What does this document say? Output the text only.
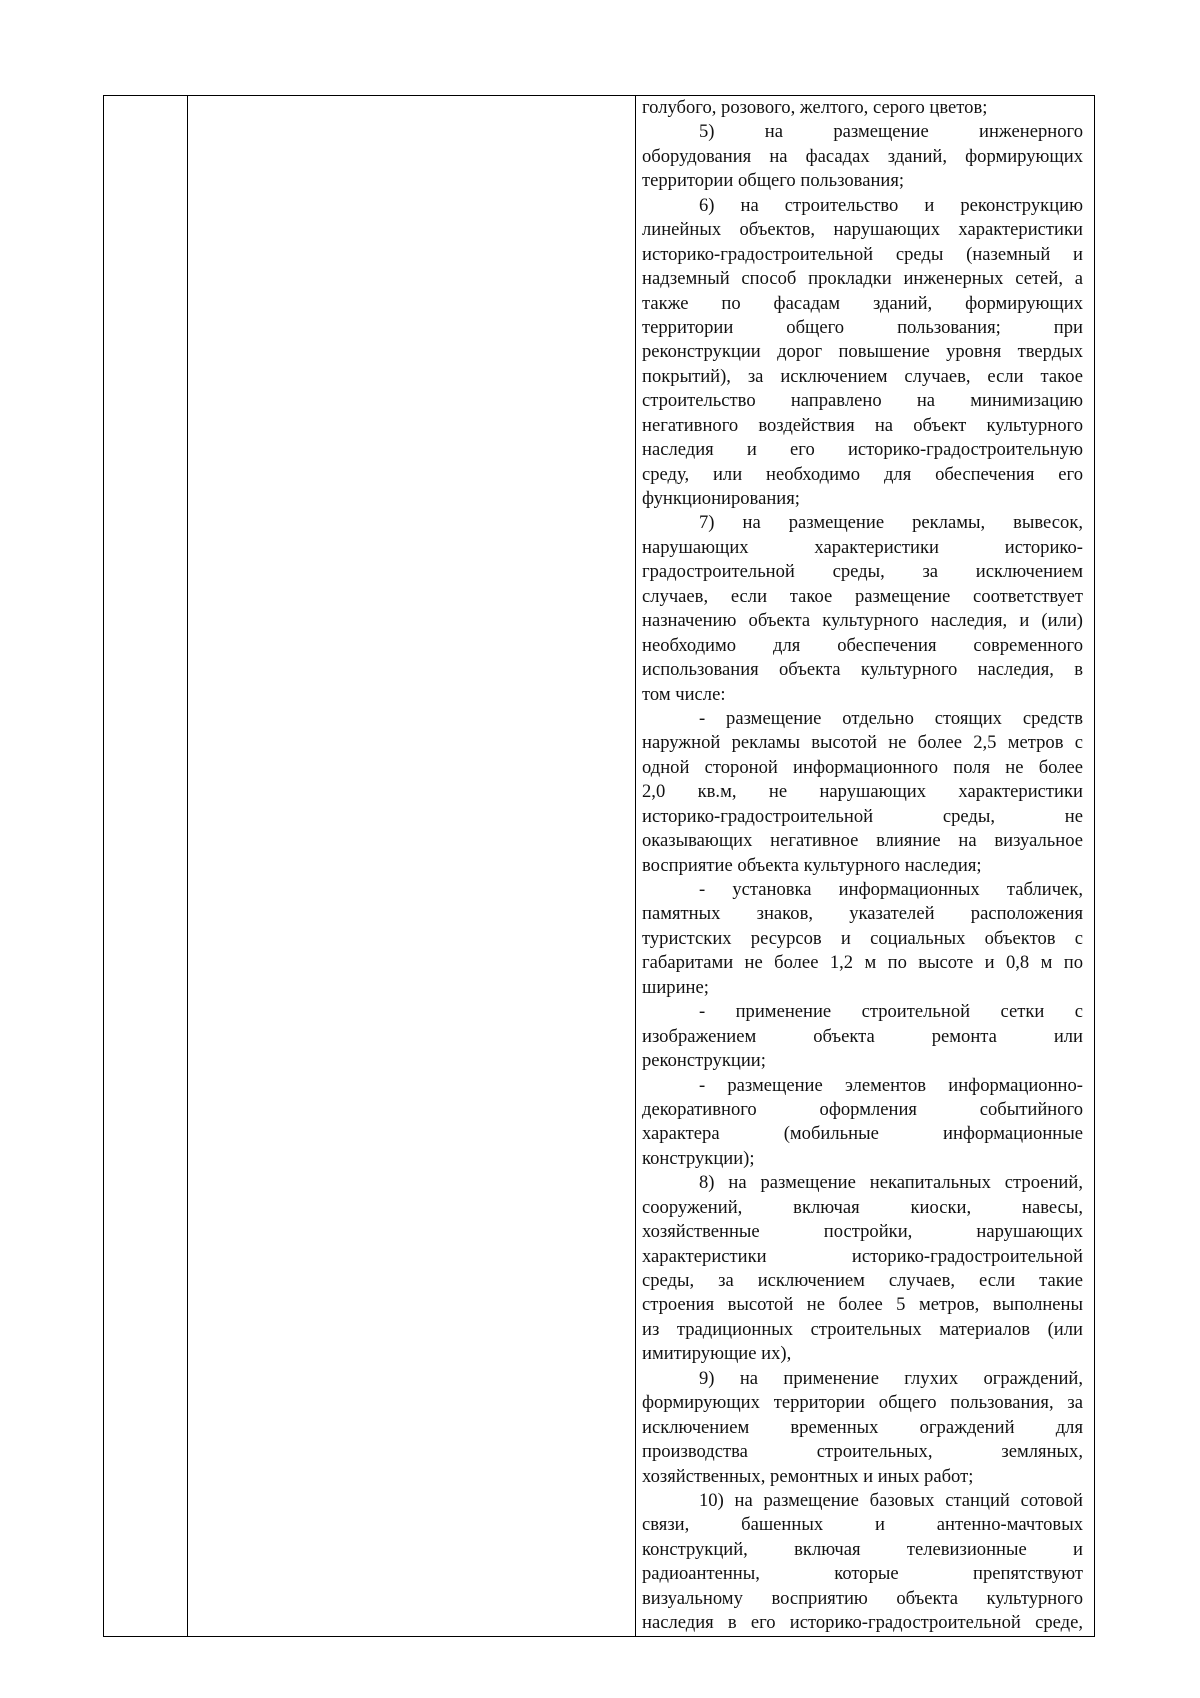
голубого, розового, желтого, серого цветов;
5) на размещение инженерного
оборудования на фасадах зданий, формирующих
территории общего пользования;
6) на строительство и реконструкцию
линейных объектов, нарушающих характеристики
историко-градостроительной среды (наземный и
надземный способ прокладки инженерных сетей, а
также по фасадам зданий, формирующих
территории общего пользования; при
реконструкции дорог повышение уровня твердых
покрытий), за исключением случаев, если такое
строительство направлено на минимизацию
негативного воздействия на объект культурного
наследия и его историко-градостроительную
среду, или необходимо для обеспечения его
функционирования;
7) на размещение рекламы, вывесок,
нарушающих характеристики историко-
градостроительной среды, за исключением
случаев, если такое размещение соответствует
назначению объекта культурного наследия, и (или)
необходимо для обеспечения современного
использования объекта культурного наследия, в
том числе:
- размещение отдельно стоящих средств
наружной рекламы высотой не более 2,5 метров с
одной стороной информационного поля не более
2,0 кв.м, не нарушающих характеристики
историко-градостроительной среды, не
оказывающих негативное влияние на визуальное
восприятие объекта культурного наследия;
- установка информационных табличек,
памятных знаков, указателей расположения
туристских ресурсов и социальных объектов с
габаритами не более 1,2 м по высоте и 0,8 м по
ширине;
- применение строительной сетки с
изображением объекта ремонта или
реконструкции;
- размещение элементов информационно-
декоративного оформления событийного
характера (мобильные информационные
конструкции);
8) на размещение некапитальных строений,
сооружений, включая киоски, навесы,
хозяйственные постройки, нарушающих
характеристики историко-градостроительной
среды, за исключением случаев, если такие
строения высотой не более 5 метров, выполнены
из традиционных строительных материалов (или
имитирующие их),
9) на применение глухих ограждений,
формирующих территории общего пользования, за
исключением временных ограждений для
производства строительных, земляных,
хозяйственных, ремонтных и иных работ;
10) на размещение базовых станций сотовой
связи, башенных и антенно-мачтовых
конструкций, включая телевизионные и
радиоантенны, которые препятствуют
визуальному восприятию объекта культурного
наследия в его историко-градостроительной среде,
